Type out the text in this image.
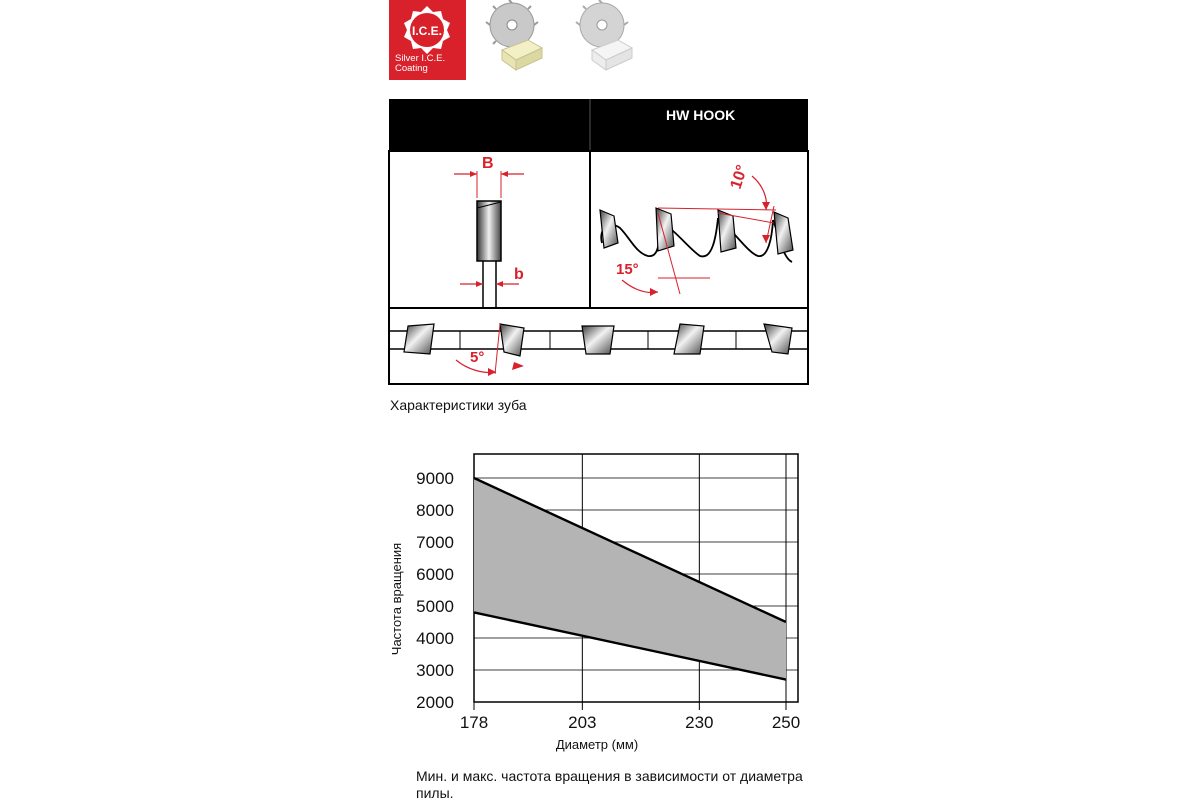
I.C.E.
Silver I.C.E.
Coating
HW HOOK
B
b
10°
15°
5°
Характеристики зуба
2000
3000
4000
5000
6000
7000
8000
9000
178	203	230	250
Частота вращения
Диаметр (мм)
Мин. и макс. частота вращения в зависимости от диаметра пилы.
